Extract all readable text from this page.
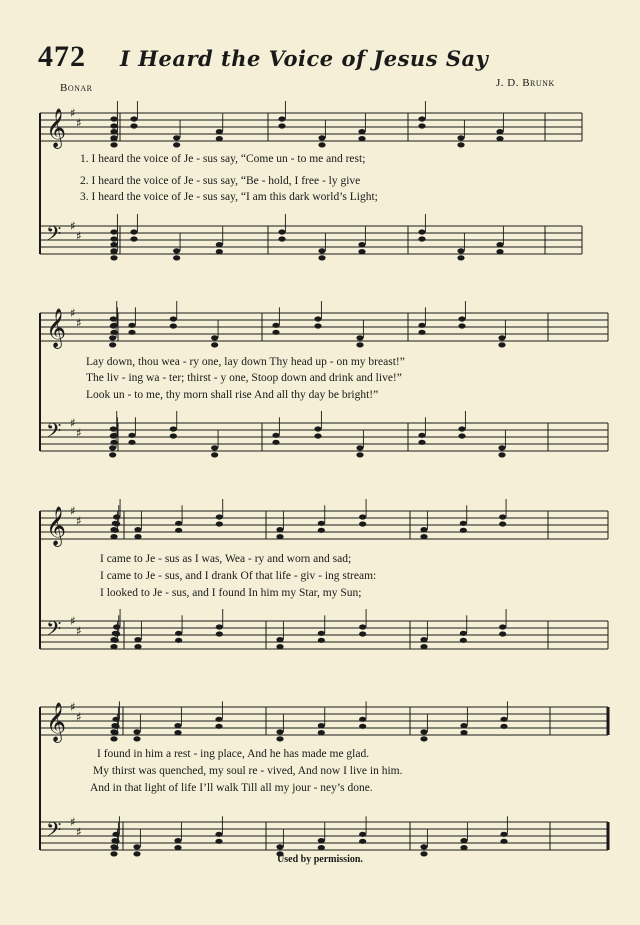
472 I Heard the Voice of Jesus Say
Bonar	J. D. Brunk
𝄞 ♯
♯
𝄢 ♯
♯
𝄞 ♯
♯
𝄢 ♯
♯
𝄞 ♯
♯
𝄢 ♯
♯
𝄞 ♯
♯
𝄢 ♯
♯
1. I heard the voice of Je - sus say, “Come un - to me and rest;
2. I heard the voice of Je - sus say, “Be - hold, I free - ly give
3. I heard the voice of Je - sus say, “I am this dark world’s Light;
Lay down, thou wea - ry one, lay down Thy head up - on my breast!”
The liv - ing wa - ter; thirst - y one, Stoop down and drink and live!”
Look un - to me, thy morn shall rise And all thy day be bright!”
I came to Je - sus as I was, Wea - ry and worn and sad;
I came to Je - sus, and I drank Of that life - giv - ing stream:
I looked to Je - sus, and I found In him my Star, my Sun;
I found in him a rest - ing place, And he has made me glad.
My thirst was quenched, my soul re - vived, And now I live in him.
And in that light of life I’ll walk Till all my jour - ney’s done.
Used by permission.
